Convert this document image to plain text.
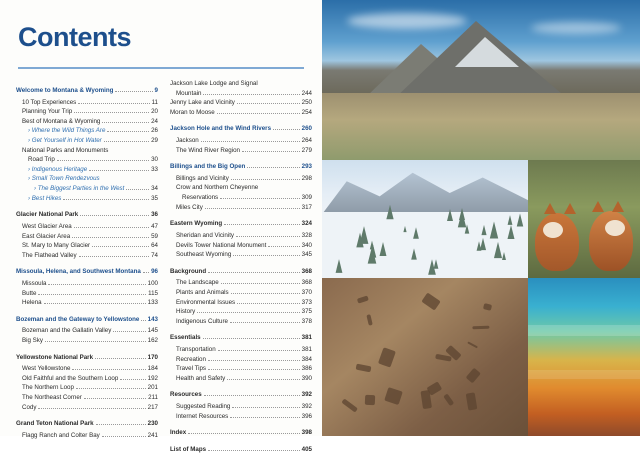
Contents
Welcome to Montana & Wyoming	9
10 Top Experiences	11
Planning Your Trip	20
Best of Montana & Wyoming	24
› Where the Wild Things Are	26
› Get Yourself in Hot Water	29
National Parks and Monuments
Road Trip	30
› Indigenous Heritage	33
› Small Town Rendezvous
› The Biggest Parties in the West	34
› Best Hikes	35
Glacier National Park	36
West Glacier Area	47
East Glacier Area	59
St. Mary to Many Glacier	64
The Flathead Valley	74
Missoula, Helena, and Southwest Montana 96
Missoula	100
Butte	115
Helena	133
Bozeman and the Gateway to Yellowstone 143
Bozeman and the Gallatin Valley	145
Big Sky	162
Yellowstone National Park	170
West Yellowstone	184
Old Faithful and the Southern Loop	192
The Northern Loop	201
The Northeast Corner	211
Cody	217
Grand Teton National Park	230
Flagg Ranch and Colter Bay	241
Jackson Lake Lodge and Signal
Mountain	244
Jenny Lake and Vicinity	250
Moran to Moose	254
Jackson Hole and the Wind Rivers	260
Jackson	264
The Wind River Region	279
Billings and the Big Open	293
Billings and Vicinity	298
Crow and Northern Cheyenne
Reservations	309
Miles City	317
Eastern Wyoming	324
Sheridan and Vicinity	328
Devils Tower National Monument	340
Southeast Wyoming	345
Background	368
The Landscape	368
Plants and Animals	370
Environmental Issues	373
History	375
Indigenous Culture	378
Essentials	381
Transportation	381
Recreation	384
Travel Tips	386
Health and Safety	390
Resources	392
Suggested Reading	392
Internet Resources	396
Index	398
List of Maps	405
